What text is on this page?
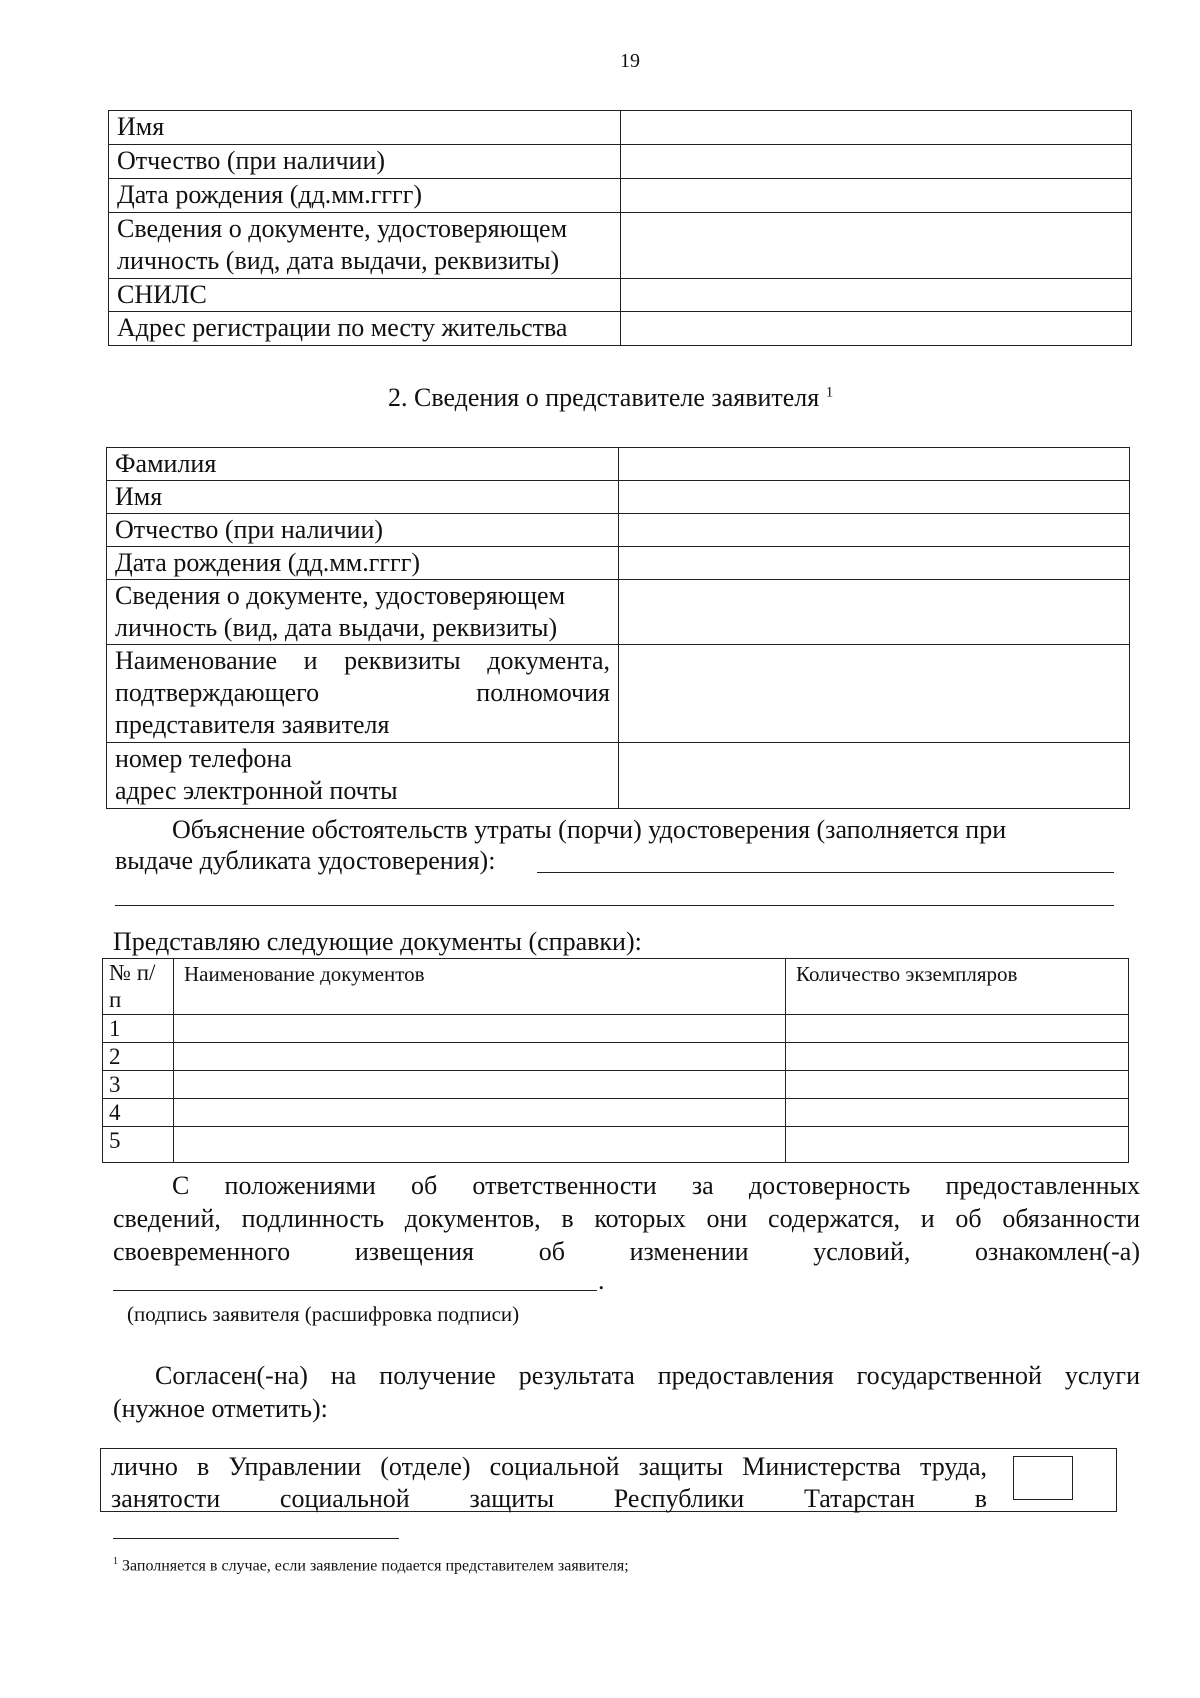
19
Имя	
Отчество (при наличии)	
Дата рождения (дд.мм.гггг)	
Сведения о документе, удостоверяющем личность (вид, дата выдачи, реквизиты)	
СНИЛС	
Адрес регистрации по месту жительства	
2. Сведения о представителе заявителя $^1$
Фамилия	
Имя	
Отчество (при наличии)	
Дата рождения (дд.мм.гггг)	
Сведения о документе, удостоверяющем личность (вид, дата выдачи, реквизиты)	
Наименование и реквизиты документа, подтверждающего полномочия представителя заявителя	

номер телефона
адрес электронной почты	

Объяснение обстоятельств утраты (порчи) удостоверения (заполняется при
выдаче дубликата удостоверения):
Представляю следующие документы (справки):
№ п/п	Наименование документов	Количество экземпляров
1		
2		
3		
4		
5		
С положениями об ответственности за достоверность предоставленных
сведений, подлинность документов, в которых они содержатся, и об обязанности
своевременного извещения об изменении условий, ознакомлен(-а)
.
(подпись заявителя (расшифровка подписи)
Согласен(-на) на получение результата предоставления государственной услуги
(нужное отметить):
лично в Управлении (отделе) социальной защиты Министерства труда,
занятости социальной защиты Республики Татарстан в
$^1$ Заполняется в случае, если заявление подается представителем заявителя;
